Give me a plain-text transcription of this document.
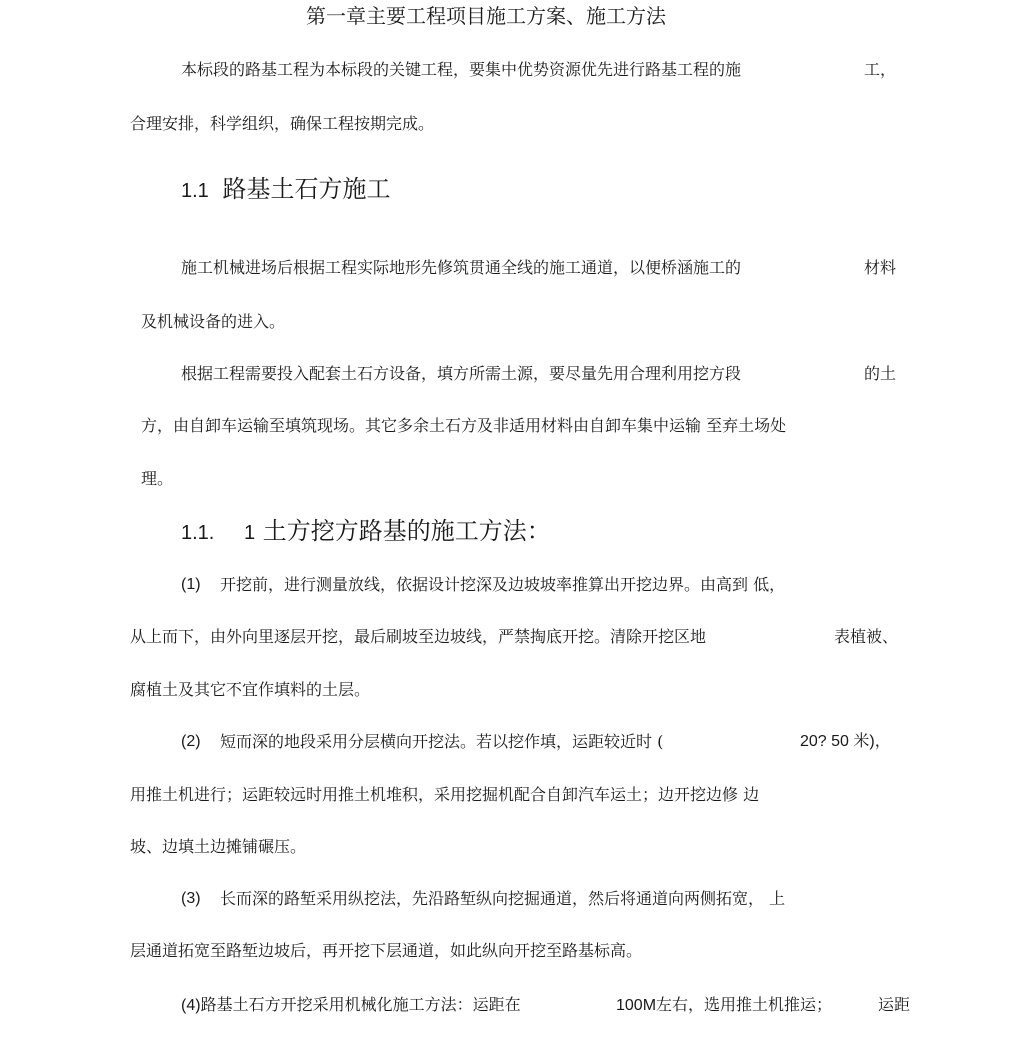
第一章主要工程项目施工方案、施工方法
本标段的路基工程为本标段的关键工程，要集中优势资源优先进行路基工程的施	工，
合理安排，科学组织，确保工程按期完成。
1.1 路基土石方施工
施工机械进场后根据工程实际地形先修筑贯通全线的施工通道，以便桥涵施工的	材料
及机械设备的进入。
根据工程需要投入配套土石方设备，填方所需土源，要尽量先用合理利用挖方段	的土
方，由自卸车运输至填筑现场。其它多余土石方及非适用材料由自卸车集中运输 至弃土场处
理。
1.1. 1 土方挖方路基的施工方法：
(1) 开挖前，进行测量放线，依据设计挖深及边坡坡率推算出开挖边界。由高到 低，
从上而下，由外向里逐层开挖，最后刷坡至边坡线，严禁掏底开挖。清除开挖区地	表植被、
腐植土及其它不宜作填料的土层。
(2) 短而深的地段采用分层横向开挖法。若以挖作填，运距较近时 (	20? 50 米)，
用推土机进行；运距较远时用推土机堆积，采用挖掘机配合自卸汽车运土；边开挖边修 边
坡、边填土边摊铺碾压。
(3) 长而深的路堑采用纵挖法，先沿路堑纵向挖掘通道，然后将通道向两侧拓宽， 上
层通道拓宽至路堑边坡后，再开挖下层通道，如此纵向开挖至路基标高。
(4)路基土石方开挖采用机械化施工方法：运距在	100M左右，选用推土机推运；	运距
